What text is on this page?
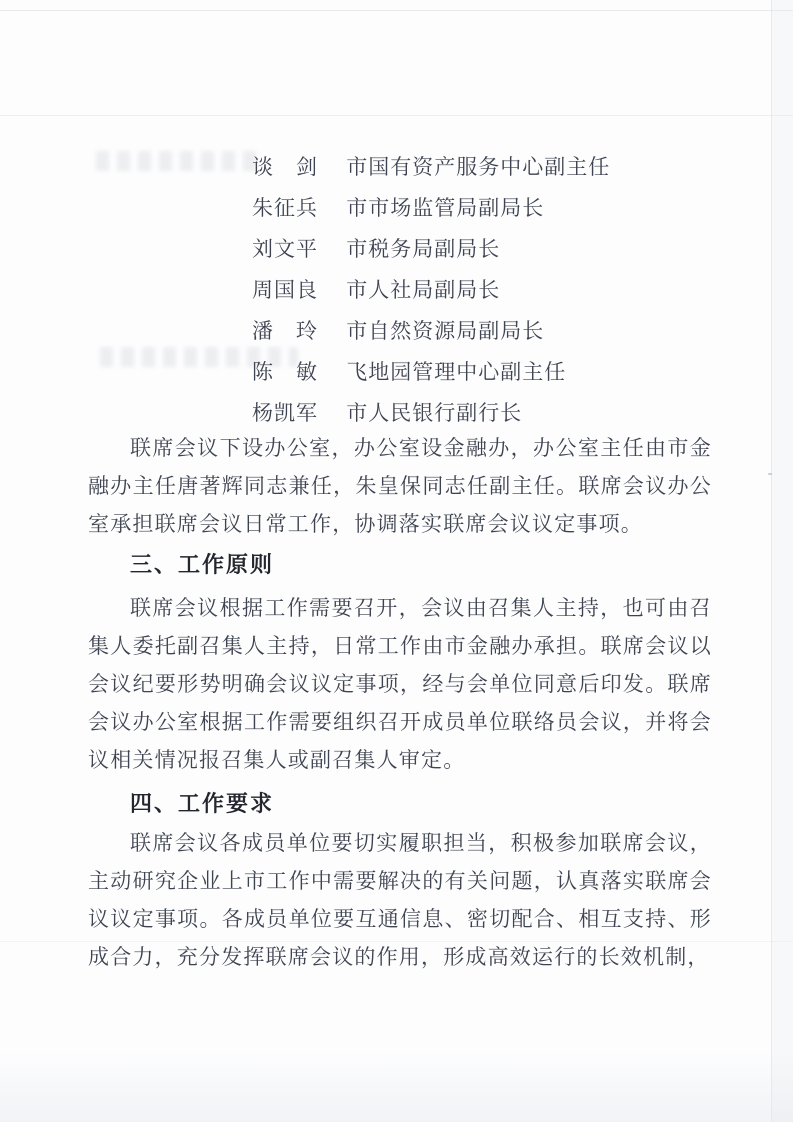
谈　剑 市国有资产服务中心副主任
朱征兵 市市场监管局副局长
刘文平 市税务局副局长
周国良 市人社局副局长
潘　玲 市自然资源局副局长
陈　敏 飞地园管理中心副主任
杨凯军 市人民银行副行长

联席会议下设办公室，办公室设金融办，办公室主任由市金融办主任唐著辉同志兼任，朱皇保同志任副主任。联席会议办公室承担联席会议日常工作，协调落实联席会议议定事项。

三、工作原则

联席会议根据工作需要召开，会议由召集人主持，也可由召集人委托副召集人主持，日常工作由市金融办承担。联席会议以会议纪要形势明确会议议定事项，经与会单位同意后印发。联席会议办公室根据工作需要组织召开成员单位联络员会议，并将会议相关情况报召集人或副召集人审定。

四、工作要求

联席会议各成员单位要切实履职担当，积极参加联席会议，主动研究企业上市工作中需要解决的有关问题，认真落实联席会议议定事项。各成员单位要互通信息、密切配合、相互支持、形成合力，充分发挥联席会议的作用，形成高效运行的长效机制，
